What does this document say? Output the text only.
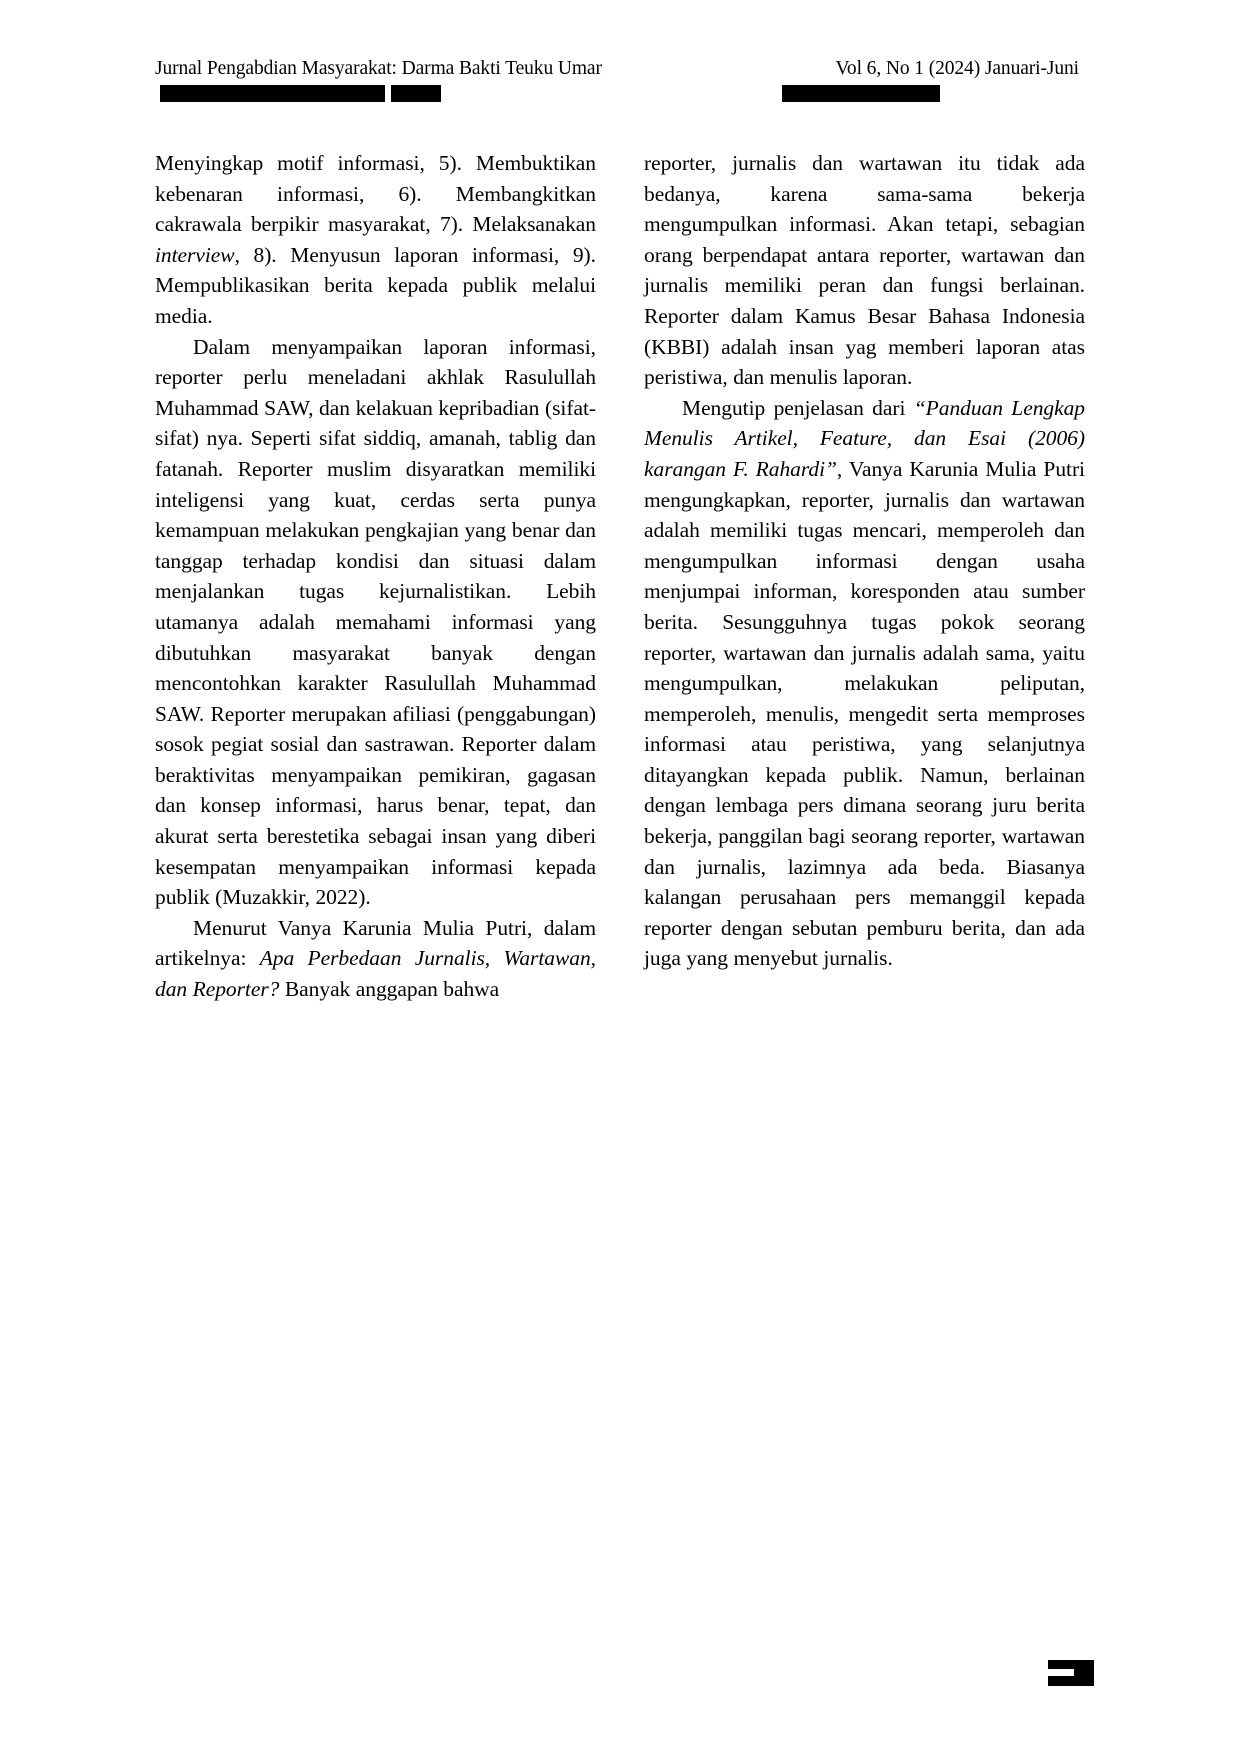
Jurnal Pengabdian Masyarakat: Darma Bakti Teuku Umar	Vol 6, No 1 (2024) Januari-Juni

Menyingkap motif informasi, 5). Membuktikan kebenaran informasi, 6). Membangkitkan cakrawala berpikir masyarakat, 7). Melaksanakan interview, 8). Menyusun laporan informasi, 9). Mempublikasikan berita kepada publik melalui media.

Dalam menyampaikan laporan informasi, reporter perlu meneladani akhlak Rasulullah Muhammad SAW, dan kelakuan kepribadian (sifat-sifat) nya. Seperti sifat siddiq, amanah, tablig dan fatanah. Reporter muslim disyaratkan memiliki inteligensi yang kuat, cerdas serta punya kemampuan melakukan pengkajian yang benar dan tanggap terhadap kondisi dan situasi dalam menjalankan tugas kejurnalistikan. Lebih utamanya adalah memahami informasi yang dibutuhkan masyarakat banyak dengan mencontohkan karakter Rasulullah Muhammad SAW. Reporter merupakan afiliasi (penggabungan) sosok pegiat sosial dan sastrawan. Reporter dalam beraktivitas menyampaikan pemikiran, gagasan dan konsep informasi, harus benar, tepat, dan akurat serta berestetika sebagai insan yang diberi kesempatan menyampaikan informasi kepada publik (Muzakkir, 2022).

Menurut Vanya Karunia Mulia Putri, dalam artikelnya: Apa Perbedaan Jurnalis, Wartawan, dan Reporter? Banyak anggapan bahwa

reporter, jurnalis dan wartawan itu tidak ada bedanya, karena sama-sama bekerja mengumpulkan informasi. Akan tetapi, sebagian orang berpendapat antara reporter, wartawan dan jurnalis memiliki peran dan fungsi berlainan. Reporter dalam Kamus Besar Bahasa Indonesia (KBBI) adalah insan yag memberi laporan atas peristiwa, dan menulis laporan.

Mengutip penjelasan dari “Panduan Lengkap Menulis Artikel, Feature, dan Esai (2006) karangan F. Rahardi”, Vanya Karunia Mulia Putri mengungkapkan, reporter, jurnalis dan wartawan adalah memiliki tugas mencari, memperoleh dan mengumpulkan informasi dengan usaha menjumpai informan, koresponden atau sumber berita. Sesungguhnya tugas pokok seorang reporter, wartawan dan jurnalis adalah sama, yaitu mengumpulkan, melakukan peliputan, memperoleh, menulis, mengedit serta memproses informasi atau peristiwa, yang selanjutnya ditayangkan kepada publik. Namun, berlainan dengan lembaga pers dimana seorang juru berita bekerja, panggilan bagi seorang reporter, wartawan dan jurnalis, lazimnya ada beda. Biasanya kalangan perusahaan pers memanggil kepada reporter dengan sebutan pemburu berita, dan ada juga yang menyebut jurnalis.
